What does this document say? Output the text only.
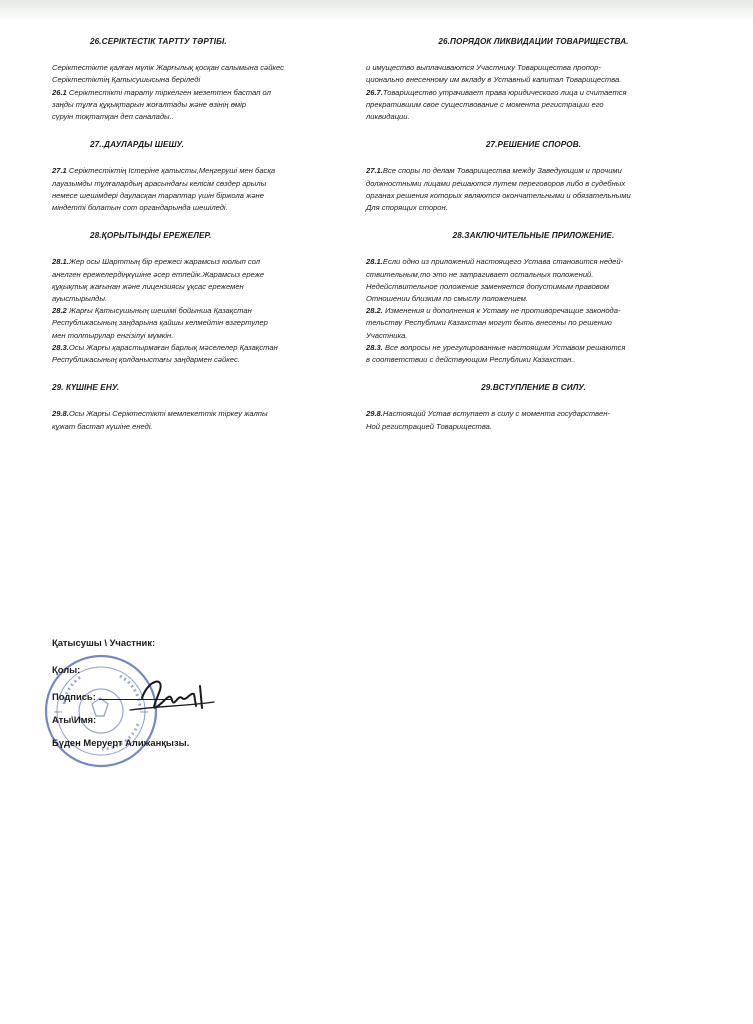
26.СЕРІКТЕСТІК ТАРТТУ ТӘРТІБІ.

Серіктестікте қалған мүлік Жарғылық қосқан салымына сәйкес
Серіктестіктің Қатысушысына беріледі

26.1 Серіктестікті тарату тіркелген мезеттен бастап ол
заңды тұлға құқықтарын жоғалтады және өзінің өмір
сүруін тоқтатқан деп саналады..

27..ДАУЛАРДЫ ШЕШУ.

27.1 Серіктестіктің Істеріне қатысты,Меңгеруші мен басқа
лауазымды тұлғалардың арасындағы келісім сөздер арылы
немесе шешімдері дауласқан тараптар үшін біржола және
міндетті болатын сот органдарында шешіледі.

28.ҚОРЫТЫНДЫ ЕРЕЖЕЛЕР.

28.1.Жер осы Шарттың бір ережесі жарамсыз юолып сол
анелген ережелердіңкүшіне әсер етпейік.Жарамсыз ереже
құқықтық жағынан және лицензиясы ұқсас ережемен
ауыстырылды.

28.2 Жарғы Қатысушының шешімі бойынша Қазақстан
Республикасының заңдарына қайшы келмейтін өзгертулер
мен толтырулар енгізілуі мүмкін.

28.3.Осы Жарғы қарастырмаған барлық мәселелер Қазақстан
Республикасының қолданыстағы заңдармен сәйкес.

29. КҮШІНЕ ЕНУ.

29.8.Осы Жарғы Серіктестікті мемлекеттік тіркеу жалпы
кұжат бастап күшіне енеді.

26.ПОРЯДОК ЛИКВИДАЦИИ ТОВАРИЩЕСТВА.

и имущество выплачиваются Участнику Товарищества пропор-
ционально внесенному им вкладу в Уставный капитал Товарищества.

26.7.Товарищество утрачивает права юридического лица и считается
прекратившим свое существование с момента регистрации его
ликвидации.

27.РЕШЕНИЕ СПОРОВ.

27.1.Все споры по делам Товарищества между Заведующим и прочими
должностными лицами решаются путем переговоров либо в судебных
органах решения которых являются окончательными и обязательными
Для спорящих сторон.

28.ЗАКЛЮЧИТЕЛЬНЫЕ ПРИЛОЖЕНИЕ.

28.1.Если одно из приложений настоящего Устава становится недей-
ствительным,то это не затрагивает остальных положений.
Недействительное положение заменяется допустимым правовом
Отношении близким по смыслу положением.

28.2. Изменения и дополнения к Уставу не противоречащие законода-
тельству Республики Казахстан могут быть внесены по решению
Участника.

28.3. Все вопросы не урегулированные настоящим Уставом решаются
в соответствии с действующим Республики Казахстан..

29.ВСТУПЛЕНИЕ В СИЛУ.

29.8.Настоящий Устав вступает в силу с момента государствен-
Ной регистрацией Товарищества.

Қатысушы \ Участник:
Қолы:
Подпись:
Аты\Имя:
Бүден Меруерт Алижанқызы.
